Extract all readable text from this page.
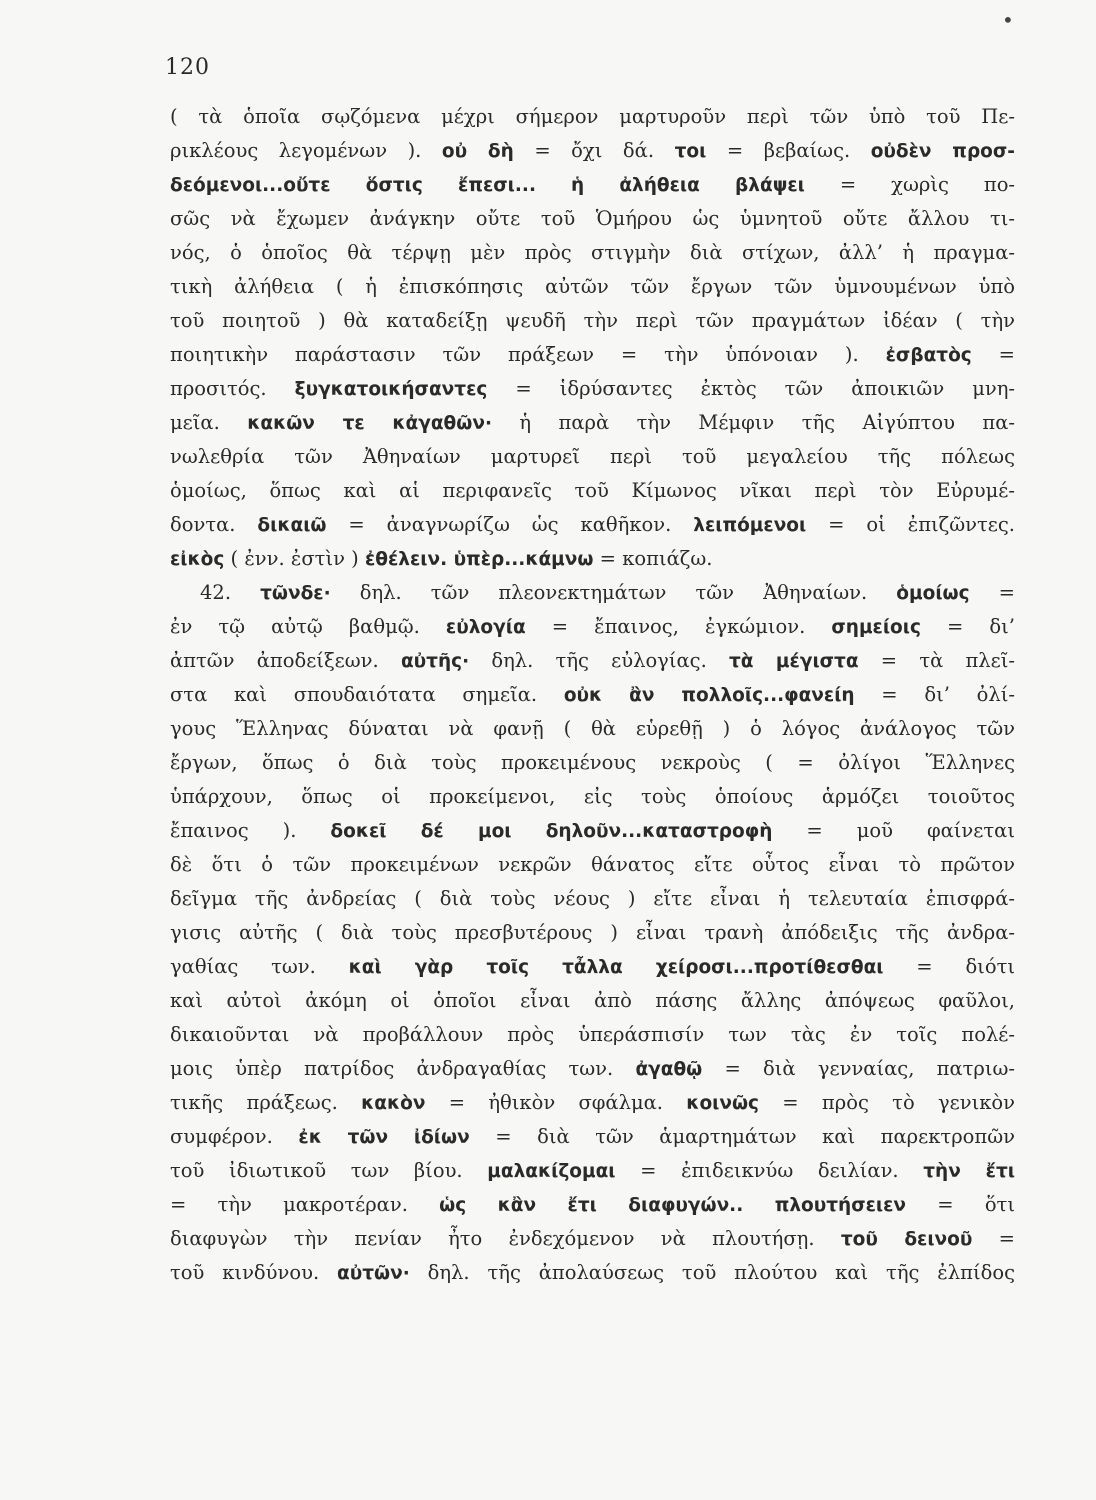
•
120
( τὰ ὁποῖα σῳζόμενα μέχρι σήμερον μαρτυροῦν περὶ τῶν ὑπὸ τοῦ Πε-
ρικλέους λεγομένων ). οὐ δὴ = ὄχι δά. τοι = βεβαίως. οὐδὲν προσ-
δεόμενοι...οὔτε ὅστις ἔπεσι... ἡ ἀλήθεια βλάψει = χωρὶς πο-
σῶς νὰ ἔχωμεν ἀνάγκην οὔτε τοῦ Ὁμήρου ὡς ὑμνητοῦ οὔτε ἄλλου τι-
νός, ὁ ὁποῖος θὰ τέρψῃ μὲν πρὸς στιγμὴν διὰ στίχων, ἀλλ’ ἡ πραγμα-
τικὴ ἀλήθεια ( ἡ ἐπισκόπησις αὐτῶν τῶν ἔργων τῶν ὑμνουμένων ὑπὸ
τοῦ ποιητοῦ ) θὰ καταδείξῃ ψευδῆ τὴν περὶ τῶν πραγμάτων ἰδέαν ( τὴν
ποιητικὴν παράστασιν τῶν πράξεων = τὴν ὑπόνοιαν ). ἐσβατὸς =
προσιτός. ξυγκατοικήσαντες = ἱδρύσαντες ἐκτὸς τῶν ἀποικιῶν μνη-
μεῖα. κακῶν τε κἀγαθῶν· ἡ παρὰ τὴν Μέμφιν τῆς Αἰγύπτου πα-
νωλεθρία τῶν Ἀθηναίων μαρτυρεῖ περὶ τοῦ μεγαλείου τῆς πόλεως
ὁμοίως, ὅπως καὶ αἱ περιφανεῖς τοῦ Κίμωνος νῖκαι περὶ τὸν Εὐρυμέ-
δοντα. δικαιῶ = ἀναγνωρίζω ὡς καθῆκον. λειπόμενοι = οἱ ἐπιζῶντες.
εἰκὸς ( ἐνν. ἐστὶν ) ἐθέλειν. ὑπὲρ...κάμνω = κοπιάζω.
42. τῶνδε· δηλ. τῶν πλεονεκτημάτων τῶν Ἀθηναίων. ὁμοίως =
ἐν τῷ αὐτῷ βαθμῷ. εὐλογία = ἔπαινος, ἐγκώμιον. σημείοις = δι’
ἀπτῶν ἀποδείξεων. αὐτῆς· δηλ. τῆς εὐλογίας. τὰ μέγιστα = τὰ πλεῖ-
στα καὶ σπουδαιότατα σημεῖα. οὐκ ἂν πολλοῖς...φανείη = δι’ ὀλί-
γους Ἕλληνας δύναται νὰ φανῇ ( θὰ εὑρεθῇ ) ὁ λόγος ἀνάλογος τῶν
ἔργων, ὅπως ὁ διὰ τοὺς προκειμένους νεκροὺς ( = ὀλίγοι Ἕλληνες
ὑπάρχουν, ὅπως οἱ προκείμενοι, εἰς τοὺς ὁποίους ἁρμόζει τοιοῦτος
ἔπαινος ). δοκεῖ δέ μοι δηλοῦν...καταστροφὴ = μοῦ φαίνεται
δὲ ὅτι ὁ τῶν προκειμένων νεκρῶν θάνατος εἴτε οὗτος εἶναι τὸ πρῶτον
δεῖγμα τῆς ἀνδρείας ( διὰ τοὺς νέους ) εἴτε εἶναι ἡ τελευταία ἐπισφρά-
γισις αὐτῆς ( διὰ τοὺς πρεσβυτέρους ) εἶναι τρανὴ ἀπόδειξις τῆς ἀνδρα-
γαθίας των. καὶ γὰρ τοῖς τἆλλα χείροσι...προτίθεσθαι = διότι
καὶ αὐτοὶ ἀκόμη οἱ ὁποῖοι εἶναι ἀπὸ πάσης ἄλλης ἀπόψεως φαῦλοι,
δικαιοῦνται νὰ προβάλλουν πρὸς ὑπεράσπισίν των τὰς ἐν τοῖς πολέ-
μοις ὑπὲρ πατρίδος ἀνδραγαθίας των. ἀγαθῷ = διὰ γενναίας, πατριω-
τικῆς πράξεως. κακὸν = ἠθικὸν σφάλμα. κοινῶς = πρὸς τὸ γενικὸν
συμφέρον. ἐκ τῶν ἰδίων = διὰ τῶν ἁμαρτημάτων καὶ παρεκτροπῶν
τοῦ ἰδιωτικοῦ των βίου. μαλακίζομαι = ἐπιδεικνύω δειλίαν. τὴν ἔτι
= τὴν μακροτέραν. ὡς κἂν ἔτι διαφυγών.. πλουτήσειεν = ὅτι
διαφυγὼν τὴν πενίαν ἦτο ἐνδεχόμενον νὰ πλουτήσῃ. τοῦ δεινοῦ =
τοῦ κινδύνου. αὐτῶν· δηλ. τῆς ἀπολαύσεως τοῦ πλούτου καὶ τῆς ἐλπίδος
